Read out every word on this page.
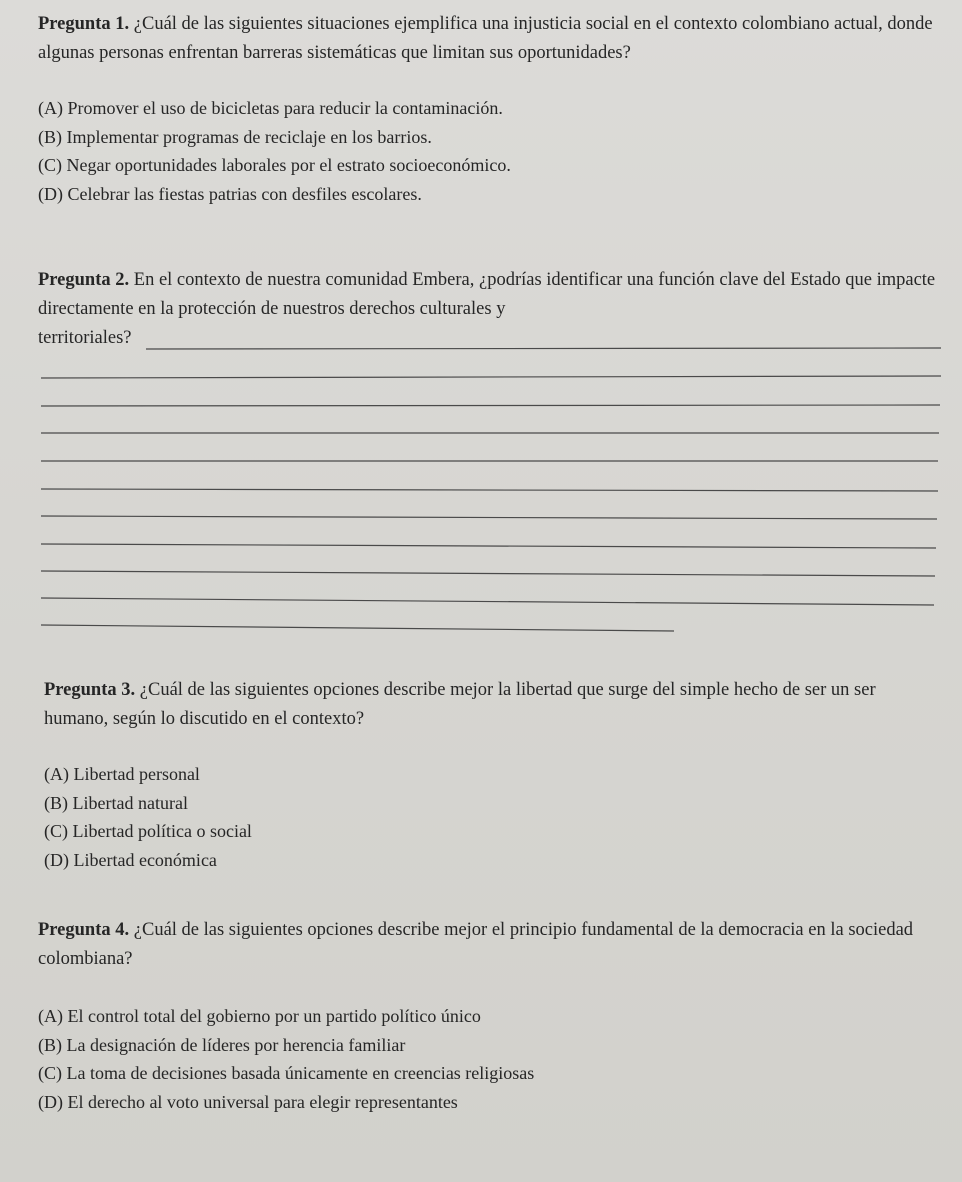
Pregunta 1. ¿Cuál de las siguientes situaciones ejemplifica una injusticia social en el contexto colombiano actual, donde algunas personas enfrentan barreras sistemáticas que limitan sus oportunidades?

(A) Promover el uso de bicicletas para reducir la contaminación.
(B) Implementar programas de reciclaje en los barrios.
(C) Negar oportunidades laborales por el estrato socioeconómico.
(D) Celebrar las fiestas patrias con desfiles escolares.

Pregunta 2. En el contexto de nuestra comunidad Embera, ¿podrías identificar una función clave del Estado que impacte directamente en la protección de nuestros derechos culturales y
territoriales?

Pregunta 3. ¿Cuál de las siguientes opciones describe mejor la libertad que surge del simple hecho de ser un ser humano, según lo discutido en el contexto?

(A) Libertad personal
(B) Libertad natural
(C) Libertad política o social
(D) Libertad económica

Pregunta 4. ¿Cuál de las siguientes opciones describe mejor el principio fundamental de la democracia en la sociedad colombiana?

(A) El control total del gobierno por un partido político único
(B) La designación de líderes por herencia familiar
(C) La toma de decisiones basada únicamente en creencias religiosas
(D) El derecho al voto universal para elegir representantes
